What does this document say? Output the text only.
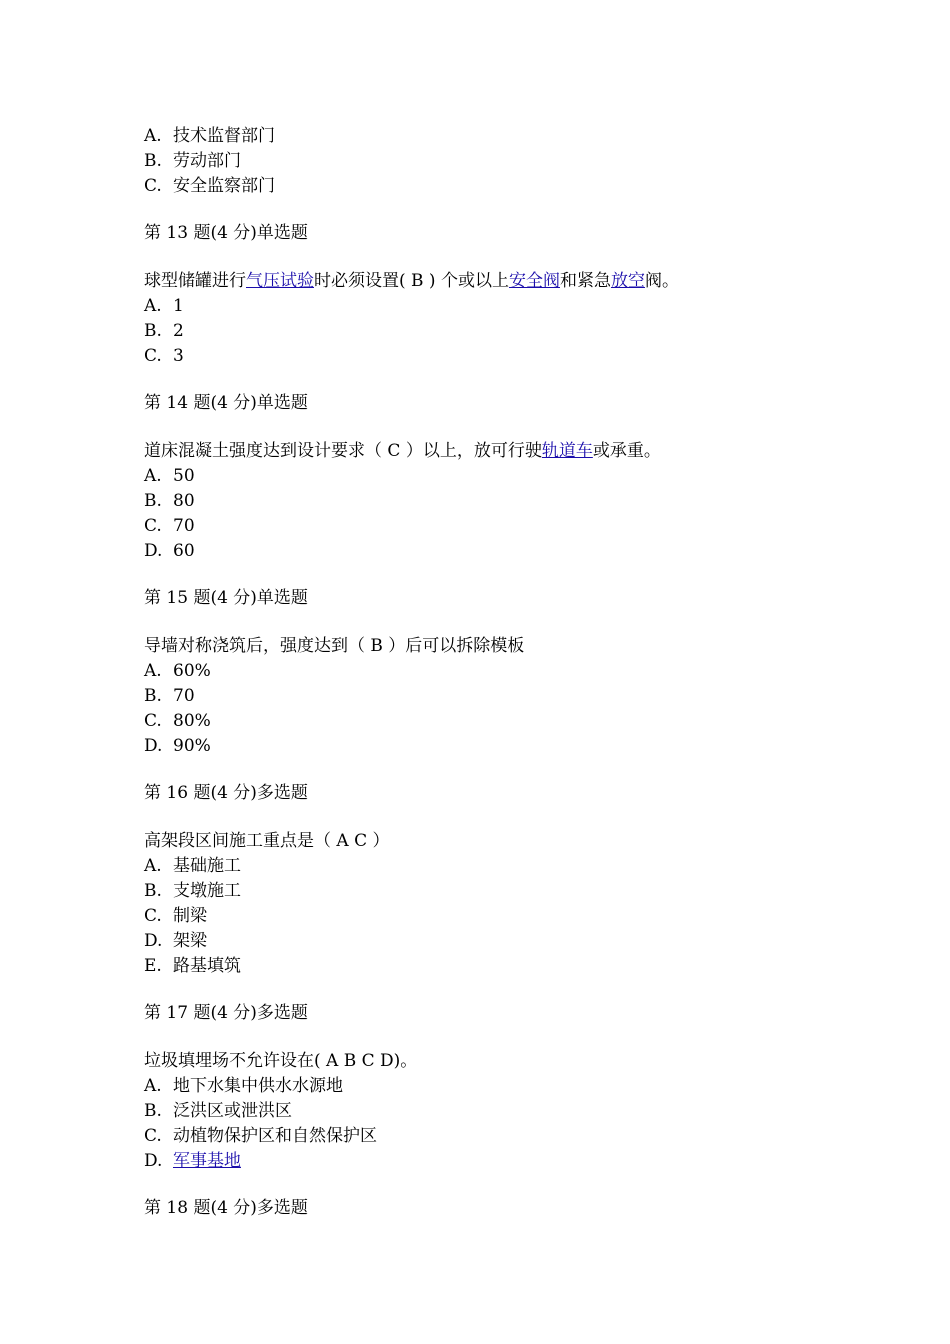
A. 技术监督部门
B. 劳动部门
C. 安全监察部门
第 13 题(4 分)单选题
球型储罐进行气压试验时必须设置( B ) 个或以上安全阀和紧急放空阀。
A. 1
B. 2
C. 3
第 14 题(4 分)单选题
道床混凝土强度达到设计要求（ C ）以上，放可行驶轨道车或承重。
A. 50
B. 80
C. 70
D. 60
第 15 题(4 分)单选题
导墙对称浇筑后，强度达到（ B ）后可以拆除模板
A. 60%
B. 70
C. 80%
D. 90%
第 16 题(4 分)多选题
高架段区间施工重点是（ A C ）
A. 基础施工
B. 支墩施工
C. 制梁
D. 架梁
E. 路基填筑
第 17 题(4 分)多选题
垃圾填埋场不允许设在( A B C D)。
A. 地下水集中供水水源地
B. 泛洪区或泄洪区
C. 动植物保护区和自然保护区
D. 军事基地
第 18 题(4 分)多选题
